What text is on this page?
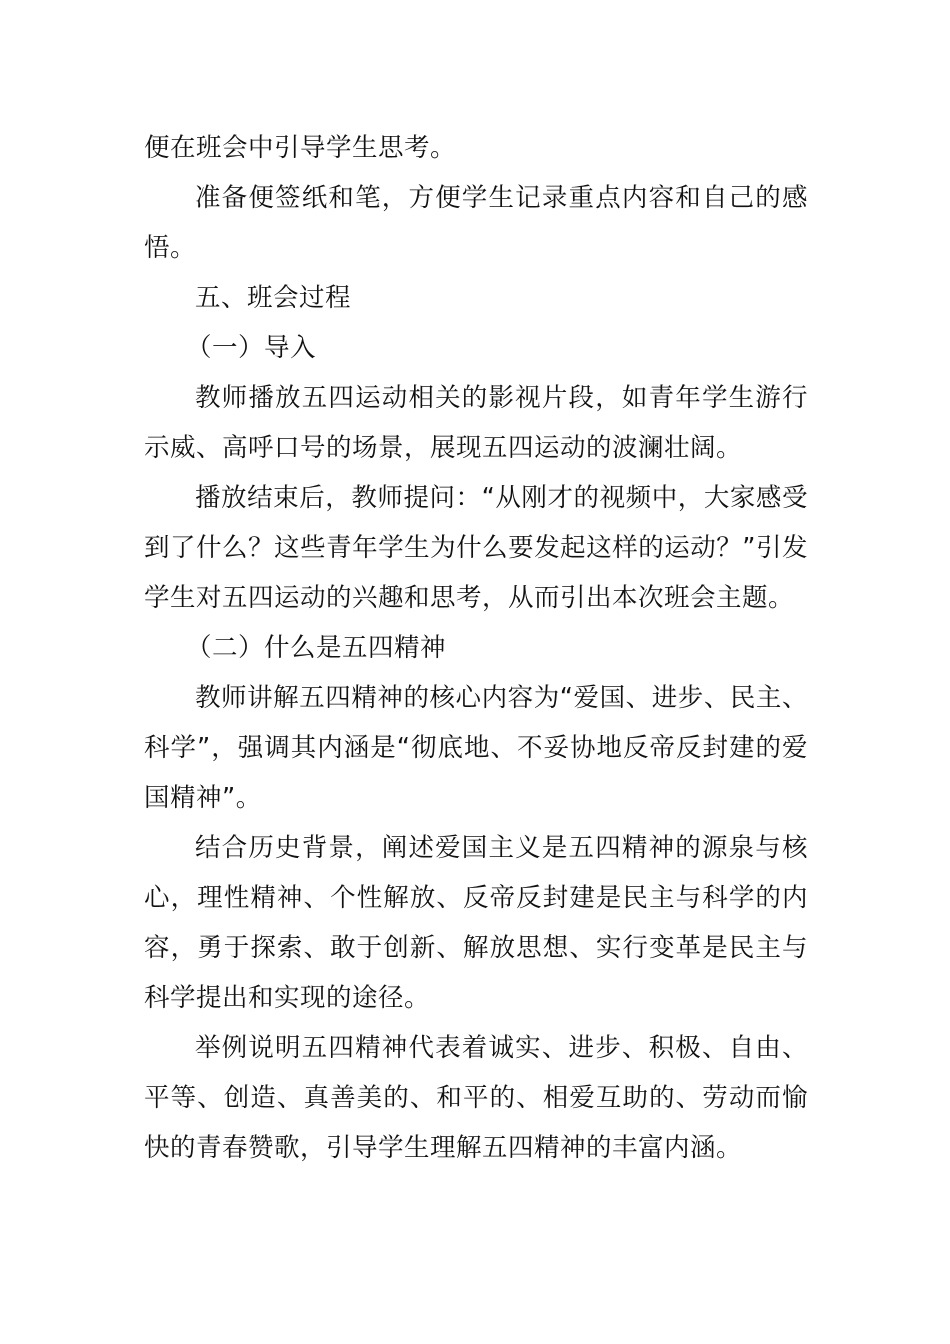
便在班会中引导学生思考。

准备便签纸和笔，方便学生记录重点内容和自己的感悟。

五、班会过程

（一）导入

教师播放五四运动相关的影视片段，如青年学生游行示威、高呼口号的场景，展现五四运动的波澜壮阔。

播放结束后，教师提问：“从刚才的视频中，大家感受到了什么？这些青年学生为什么要发起这样的运动？”引发学生对五四运动的兴趣和思考，从而引出本次班会主题。

（二）什么是五四精神

教师讲解五四精神的核心内容为“爱国、进步、民主、科学”，强调其内涵是“彻底地、不妥协地反帝反封建的爱国精神”。

结合历史背景，阐述爱国主义是五四精神的源泉与核心，理性精神、个性解放、反帝反封建是民主与科学的内容，勇于探索、敢于创新、解放思想、实行变革是民主与科学提出和实现的途径。

举例说明五四精神代表着诚实、进步、积极、自由、平等、创造、真善美的、和平的、相爱互助的、劳动而愉快的青春赞歌，引导学生理解五四精神的丰富内涵。
